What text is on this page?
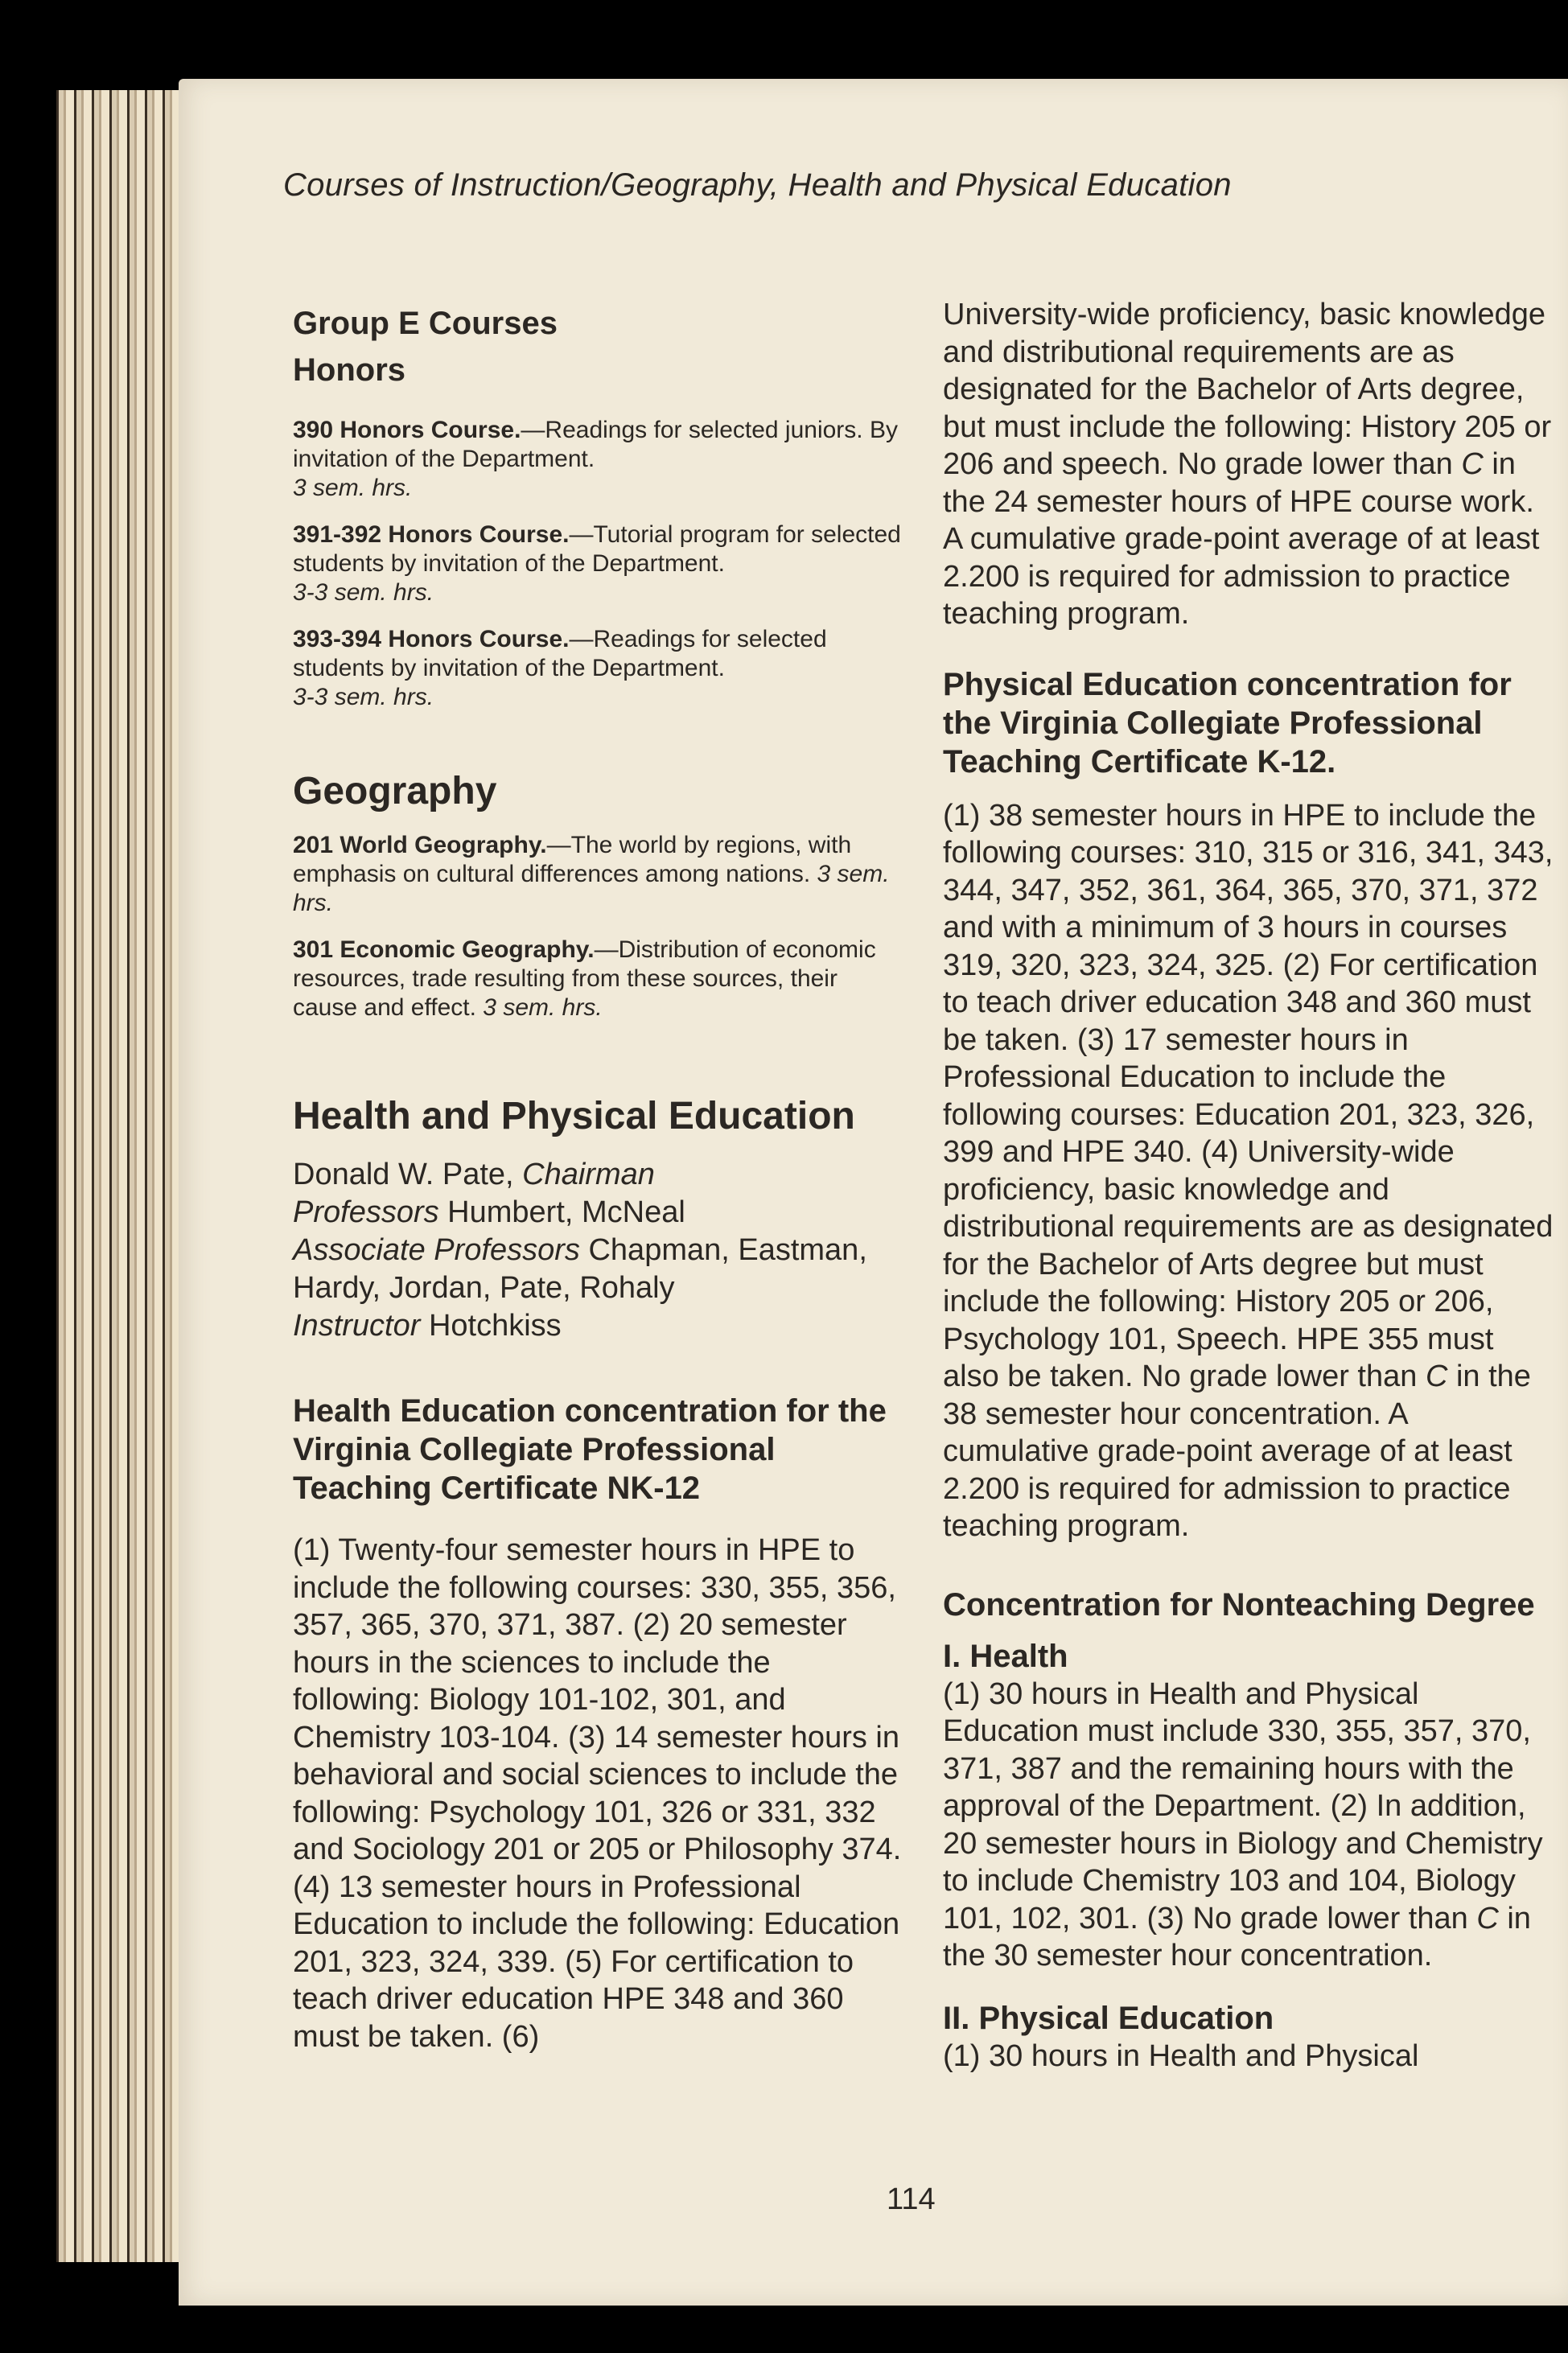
Courses of Instruction/Geography, Health and Physical Education
Group E Courses
Honors

390 Honors Course.—Readings for selected juniors. By invitation of the Department.
3 sem. hrs.

391-392 Honors Course.—Tutorial program for selected students by invitation of the Department.
3-3 sem. hrs.

393-394 Honors Course.—Readings for selected students by invitation of the Department.
3-3 sem. hrs.

Geography

201 World Geography.—The world by regions, with emphasis on cultural differences among nations. 3 sem. hrs.

301 Economic Geography.—Distribution of economic resources, trade resulting from these sources, their cause and effect. 3 sem. hrs.

Health and Physical Education

Donald W. Pate, Chairman

Professors Humbert, McNeal

Associate Professors Chapman, Eastman,

Hardy, Jordan, Pate, Rohaly

Instructor Hotchkiss

Health Education concentration for the Virginia Collegiate Professional Teaching Certificate NK-12

(1) Twenty-four semester hours in HPE to include the following courses: 330, 355, 356, 357, 365, 370, 371, 387. (2) 20 semester hours in the sciences to include the following: Biology 101-102, 301, and Chemistry 103-104. (3) 14 semester hours in behavioral and social sciences to include the following: Psychology 101, 326 or 331, 332 and Sociology 201 or 205 or Philosophy 374. (4) 13 semester hours in Professional Education to include the following: Education 201, 323, 324, 339. (5) For certification to teach driver education HPE 348 and 360 must be taken. (6)

University-wide proficiency, basic knowledge and distributional requirements are as designated for the Bachelor of Arts degree, but must include the following: History 205 or 206 and speech. No grade lower than C in the 24 semester hours of HPE course work. A cumulative grade-point average of at least 2.200 is required for admission to practice teaching program.

Physical Education concentration for the Virginia Collegiate Professional Teaching Certificate K-12.

(1) 38 semester hours in HPE to include the following courses: 310, 315 or 316, 341, 343, 344, 347, 352, 361, 364, 365, 370, 371, 372 and with a minimum of 3 hours in courses 319, 320, 323, 324, 325. (2) For certification to teach driver education 348 and 360 must be taken. (3) 17 semester hours in Professional Education to include the following courses: Education 201, 323, 326, 399 and HPE 340. (4) University-wide proficiency, basic knowledge and distributional requirements are as designated for the Bachelor of Arts degree but must include the following: History 205 or 206, Psychology 101, Speech. HPE 355 must also be taken. No grade lower than C in the 38 semester hour concentration. A cumulative grade-point average of at least 2.200 is required for admission to practice teaching program.

Concentration for Nonteaching Degree
I. Health

(1) 30 hours in Health and Physical Education must include 330, 355, 357, 370, 371, 387 and the remaining hours with the approval of the Department. (2) In addition, 20 semester hours in Biology and Chemistry to include Chemistry 103 and 104, Biology 101, 102, 301. (3) No grade lower than C in the 30 semester hour concentration.

II. Physical Education

(1) 30 hours in Health and Physical

114
